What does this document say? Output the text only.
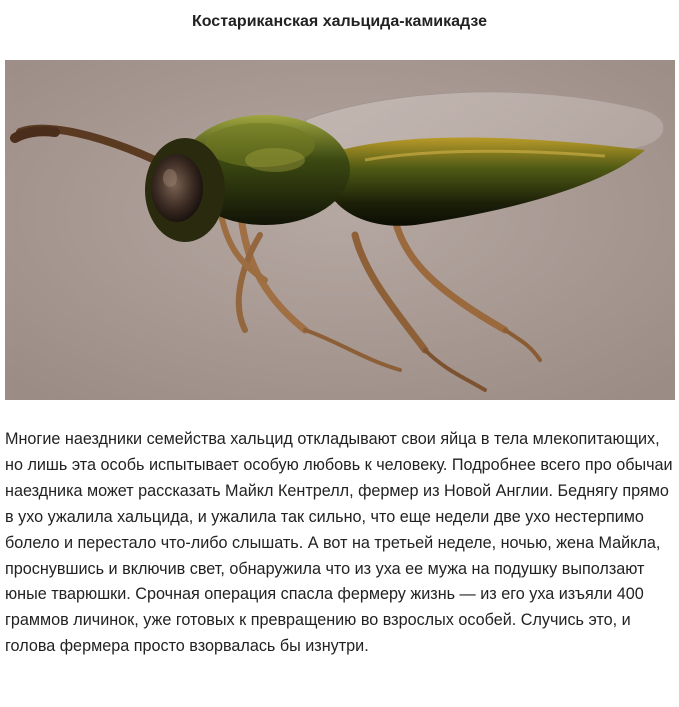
Костариканская хальцида-камикадзе

Многие наездники семейства хальцид откладывают свои яйца в тела млекопитающих, но лишь эта особь испытывает особую любовь к человеку. Подробнее всего про обычаи наездника может рассказать Майкл Кентрелл, фермер из Новой Англии. Беднягу прямо в ухо ужалила хальцида, и ужалила так сильно, что еще недели две ухо нестерпимо болело и перестало что-либо слышать. А вот на третьей неделе, ночью, жена Майкла, проснувшись и включив свет, обнаружила что из уха ее мужа на подушку выползают юные тварюшки. Срочная операция спасла фермеру жизнь — из его уха изъяли 400 граммов личинок, уже готовых к превращению во взрослых особей. Случись это, и голова фермера просто взорвалась бы изнутри.
